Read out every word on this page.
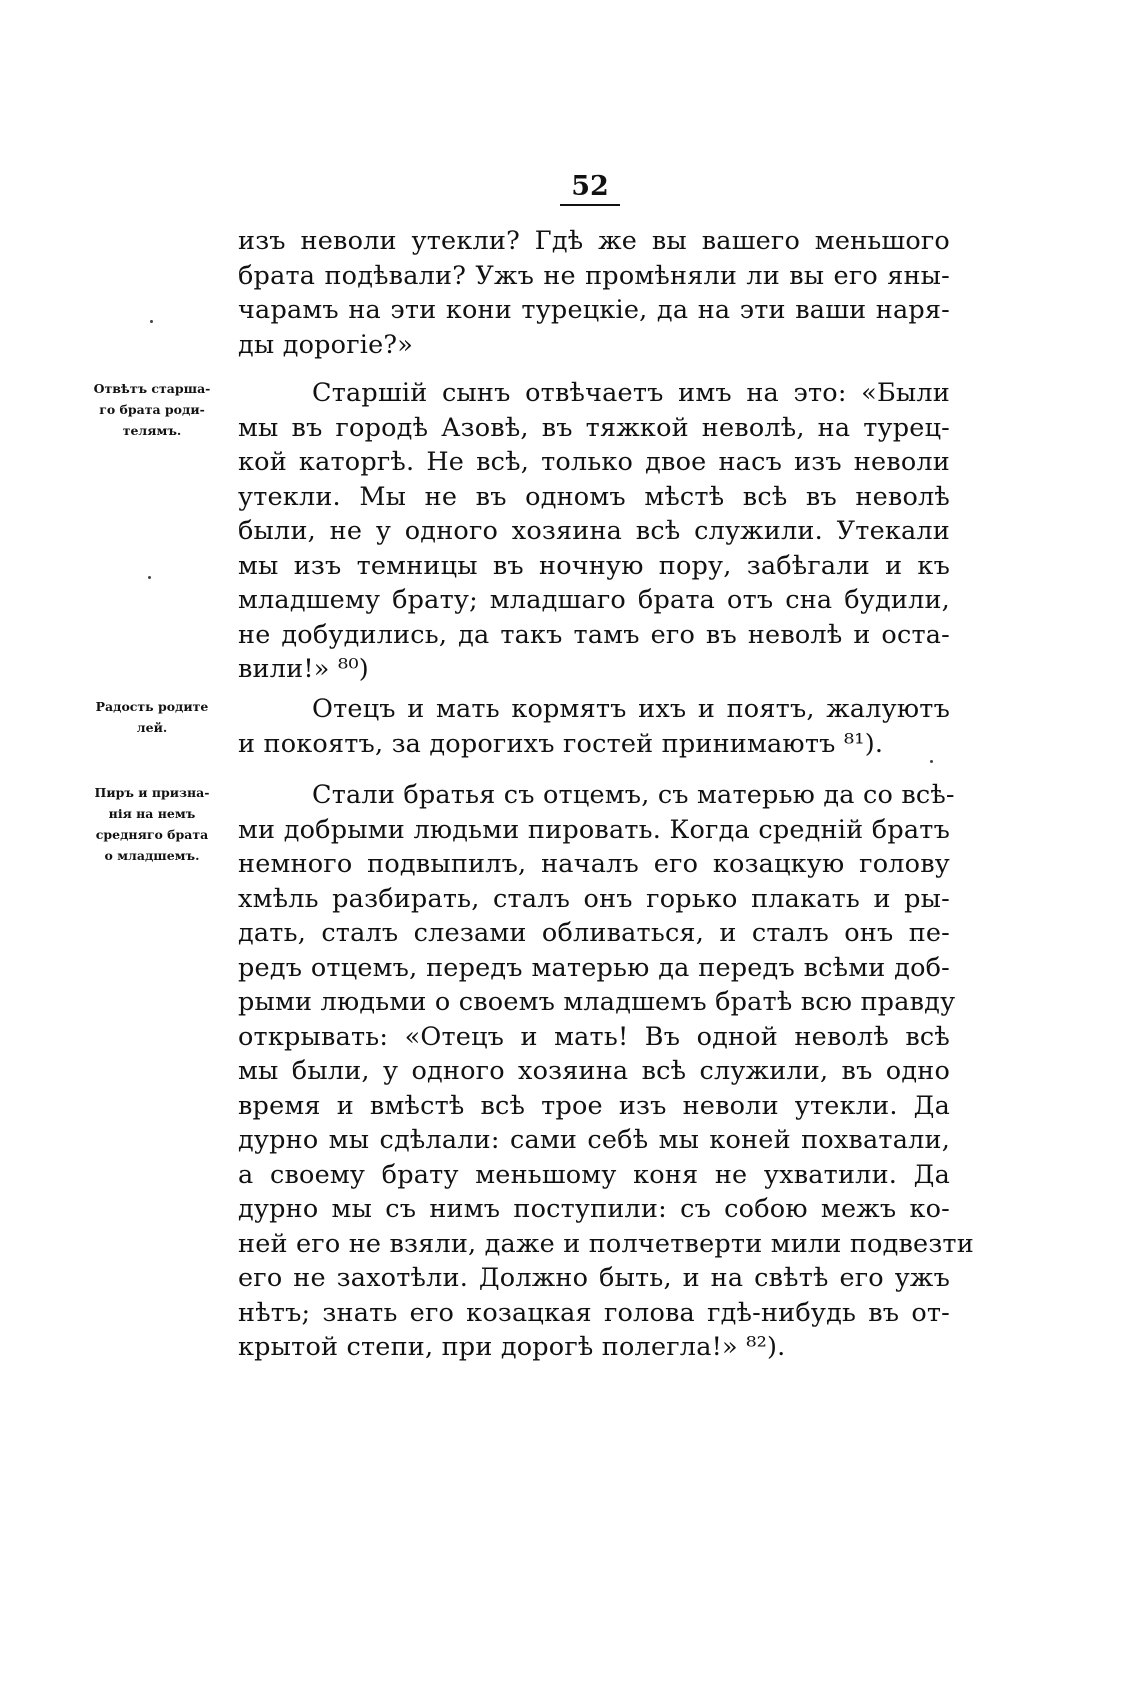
52
изъ неволи утекли? Гдѣ же вы вашего меньшого
брата подѣвали? Ужъ не промѣняли ли вы его яны-
чарамъ на эти кони турецкіе, да на эти ваши наря-
ды дорогіе?»
Отвѣтъ старша-
го брата роди-
телямъ.
Старшій сынъ отвѣчаетъ имъ на это: «Были
мы въ городѣ Азовѣ, въ тяжкой неволѣ, на турец-
кой каторгѣ. Не всѣ, только двое насъ изъ неволи
утекли. Мы не въ одномъ мѣстѣ всѣ въ неволѣ
были, не у одного хозяина всѣ служили. Утекали
мы изъ темницы въ ночную пору, забѣгали и къ
младшему брату; младшаго брата отъ сна будили,
не добудились, да такъ тамъ его въ неволѣ и оста-
вили!» ⁸⁰)
Радость родите
лей.
Отецъ и мать кормятъ ихъ и поятъ, жалуютъ
и покоятъ, за дорогихъ гостей принимаютъ ⁸¹).
Пиръ и призна-
нія на немъ
средняго брата
о младшемъ.
Стали братья съ отцемъ, съ матерью да со всѣ-
ми добрыми людьми пировать. Когда средній братъ
немного подвыпилъ, началъ его козацкую голову
хмѣль разбирать, сталъ онъ горько плакать и ры-
дать, сталъ слезами обливаться, и сталъ онъ пе-
редъ отцемъ, передъ матерью да передъ всѣми доб-
рыми людьми о своемъ младшемъ братѣ всю правду
открывать: «Отецъ и мать! Въ одной неволѣ всѣ
мы были, у одного хозяина всѣ служили, въ одно
время и вмѣстѣ всѣ трое изъ неволи утекли. Да
дурно мы сдѣлали: сами себѣ мы коней похватали,
а своему брату меньшому коня не ухватили. Да
дурно мы съ нимъ поступили: съ собою межъ ко-
ней его не взяли, даже и полчетверти мили подвезти
его не захотѣли. Должно быть, и на свѣтѣ его ужъ
нѣтъ; знать его козацкая голова гдѣ-нибудь въ от-
крытой степи, при дорогѣ полегла!» ⁸²).
